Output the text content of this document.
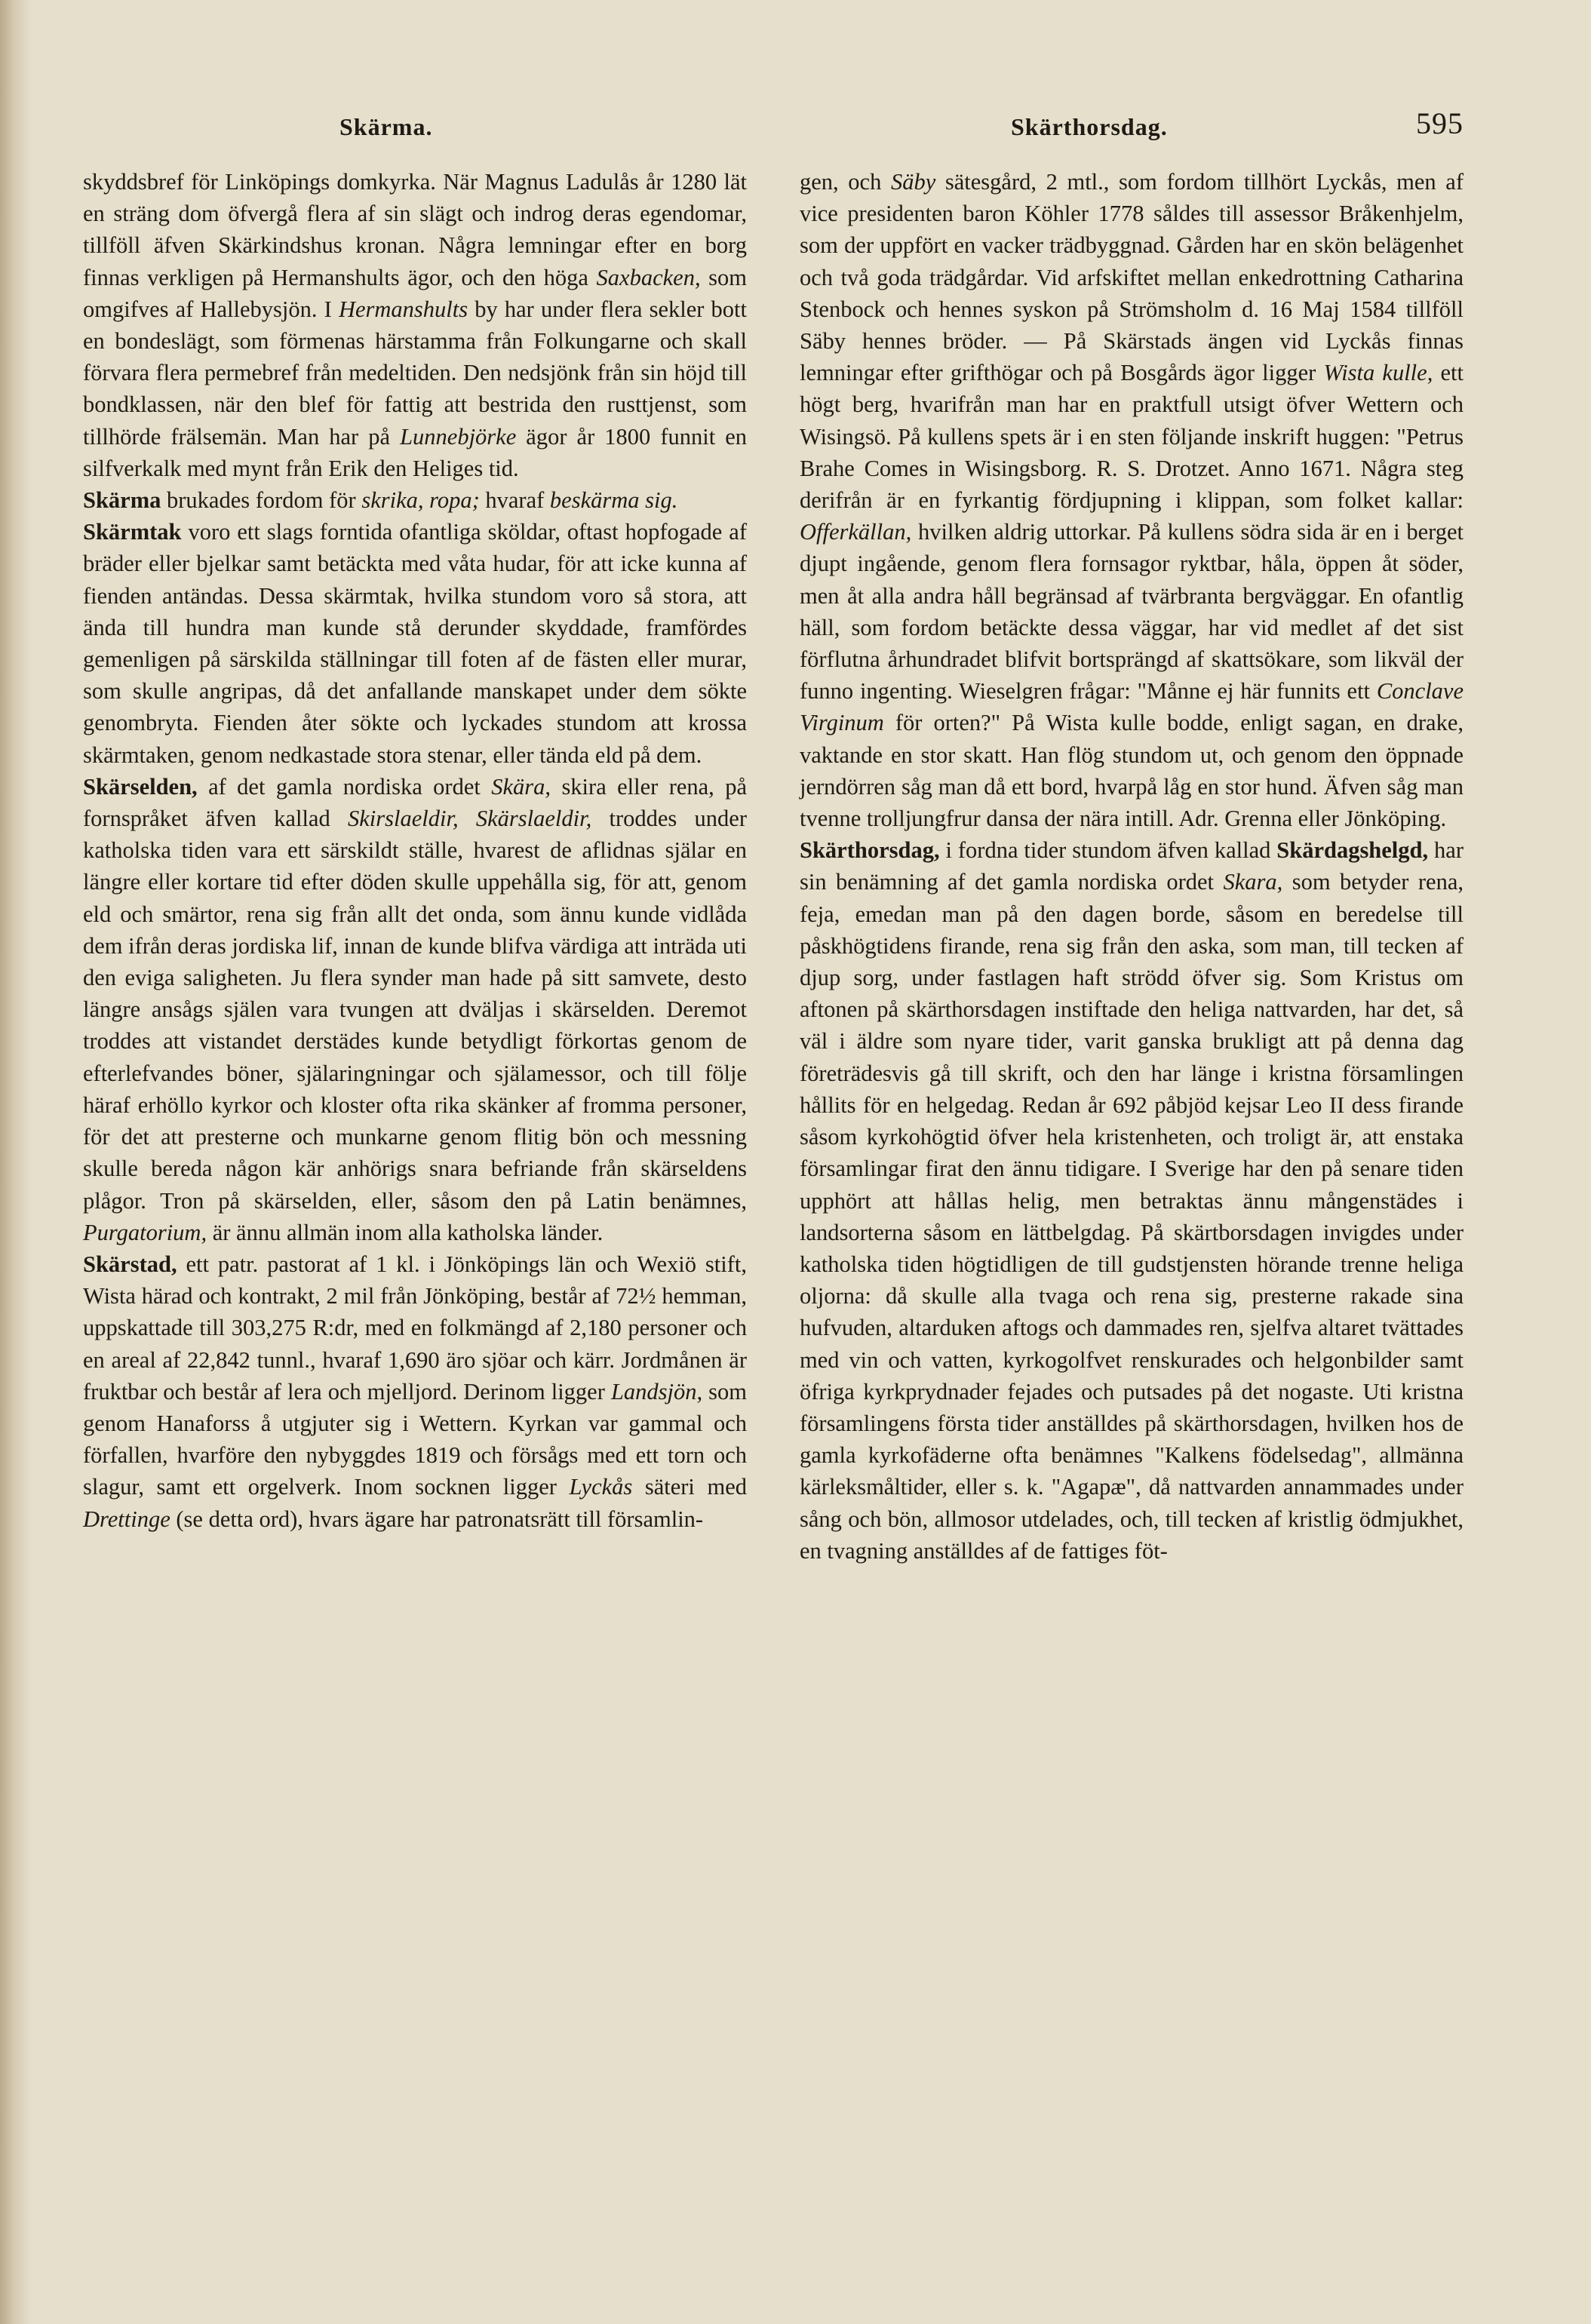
Skärma.	Skärthorsdag.	595

skyddsbref för Linköpings domkyrka. När Magnus Ladulås år 1280 lät en sträng dom öfvergå flera af sin slägt och indrog deras egendomar, tillföll äfven Skärkindshus kronan. Några lemningar efter en borg finnas verkligen på Hermanshults ägor, och den höga Saxbacken, som omgifves af Hallebysjön. I Hermanshults by har under flera sekler bott en bondeslägt, som förmenas härstamma från Folkungarne och skall förvara flera permebref från medeltiden. Den nedsjönk från sin höjd till bondklassen, när den blef för fattig att bestrida den rusttjenst, som tillhörde frälsemän. Man har på Lunnebjörke ägor år 1800 funnit en silfverkalk med mynt från Erik den Heliges tid.

Skärma brukades fordom för skrika, ropa; hvaraf beskärma sig.

Skärmtak voro ett slags forntida ofantliga sköldar, oftast hopfogade af bräder eller bjelkar samt betäckta med våta hudar, för att icke kunna af fienden antändas. Dessa skärmtak, hvilka stundom voro så stora, att ända till hundra man kunde stå derunder skyddade, framfördes gemenligen på särskilda ställningar till foten af de fästen eller murar, som skulle angripas, då det anfallande manskapet under dem sökte genombryta. Fienden åter sökte och lyckades stundom att krossa skärmtaken, genom nedkastade stora stenar, eller tända eld på dem.

Skärselden, af det gamla nordiska ordet Skära, skira eller rena, på fornspråket äfven kallad Skirslaeldir, Skärslaeldir, troddes under katholska tiden vara ett särskildt ställe, hvarest de aflidnas själar en längre eller kortare tid efter döden skulle uppehålla sig, för att, genom eld och smärtor, rena sig från allt det onda, som ännu kunde vidlåda dem ifrån deras jordiska lif, innan de kunde blifva värdiga att inträda uti den eviga saligheten. Ju flera synder man hade på sitt samvete, desto längre ansågs själen vara tvungen att dväljas i skärselden. Deremot troddes att vistandet derstädes kunde betydligt förkortas genom de efterlefvandes böner, själaringningar och själamessor, och till följe häraf erhöllo kyrkor och kloster ofta rika skänker af fromma personer, för det att presterne och munkarne genom flitig bön och messning skulle bereda någon kär anhörigs snara befriande från skärseldens plågor. Tron på skärselden, eller, såsom den på Latin benämnes, Purgatorium, är ännu allmän inom alla katholska länder.

Skärstad, ett patr. pastorat af 1 kl. i Jönköpings län och Wexiö stift, Wista härad och kontrakt, 2 mil från Jönköping, består af 72½ hemman, uppskattade till 303,275 R:dr, med en folkmängd af 2,180 personer och en areal af 22,842 tunnl., hvaraf 1,690 äro sjöar och kärr. Jordmånen är fruktbar och består af lera och mjelljord. Derinom ligger Landsjön, som genom Hanaforss å utgjuter sig i Wettern. Kyrkan var gammal och förfallen, hvarföre den nybyggdes 1819 och försågs med ett torn och slagur, samt ett orgelverk. Inom socknen ligger Lyckås säteri med Drettinge (se detta ord), hvars ägare har patronatsrätt till församlin-

gen, och Säby sätesgård, 2 mtl., som fordom tillhört Lyckås, men af vice presidenten baron Köhler 1778 såldes till assessor Bråkenhjelm, som der uppfört en vacker trädbyggnad. Gården har en skön belägenhet och två goda trädgårdar. Vid arfskiftet mellan enkedrottning Catharina Stenbock och hennes syskon på Strömsholm d. 16 Maj 1584 tillföll Säby hennes bröder. — På Skärstads ängen vid Lyckås finnas lemningar efter grifthögar och på Bosgårds ägor ligger Wista kulle, ett högt berg, hvarifrån man har en praktfull utsigt öfver Wettern och Wisingsö. På kullens spets är i en sten följande inskrift huggen: "Petrus Brahe Comes in Wisingsborg. R. S. Drotzet. Anno 1671. Några steg derifrån är en fyrkantig fördjupning i klippan, som folket kallar: Offerkällan, hvilken aldrig uttorkar. På kullens södra sida är en i berget djupt ingående, genom flera fornsagor ryktbar, håla, öppen åt söder, men åt alla andra håll begränsad af tvärbranta bergväggar. En ofantlig häll, som fordom betäckte dessa väggar, har vid medlet af det sist förflutna århundradet blifvit bortsprängd af skattsökare, som likväl der funno ingenting. Wieselgren frågar: "Månne ej här funnits ett Conclave Virginum för orten?" På Wista kulle bodde, enligt sagan, en drake, vaktande en stor skatt. Han flög stundom ut, och genom den öppnade jerndörren såg man då ett bord, hvarpå låg en stor hund. Äfven såg man tvenne trolljungfrur dansa der nära intill. Adr. Grenna eller Jönköping.

Skärthorsdag, i fordna tider stundom äfven kallad Skärdagshelgd, har sin benämning af det gamla nordiska ordet Skara, som betyder rena, feja, emedan man på den dagen borde, såsom en beredelse till påskhögtidens firande, rena sig från den aska, som man, till tecken af djup sorg, under fastlagen haft strödd öfver sig. Som Kristus om aftonen på skärthorsdagen instiftade den heliga nattvarden, har det, så väl i äldre som nyare tider, varit ganska brukligt att på denna dag företrädesvis gå till skrift, och den har länge i kristna församlingen hållits för en helgedag. Redan år 692 påbjöd kejsar Leo II dess firande såsom kyrkohögtid öfver hela kristenheten, och troligt är, att enstaka församlingar firat den ännu tidigare. I Sverige har den på senare tiden upphört att hållas helig, men betraktas ännu mångenstädes i landsorterna såsom en lättbelgdag. På skärtborsdagen invigdes under katholska tiden högtidligen de till gudstjensten hörande trenne heliga oljorna: då skulle alla tvaga och rena sig, presterne rakade sina hufvuden, altarduken aftogs och dammades ren, sjelfva altaret tvättades med vin och vatten, kyrkogolfvet renskurades och helgonbilder samt öfriga kyrkprydnader fejades och putsades på det nogaste. Uti kristna församlingens första tider anställdes på skärthorsdagen, hvilken hos de gamla kyrkofäderne ofta benämnes "Kalkens födelsedag", allmänna kärleksmåltider, eller s. k. "Agapæ", då nattvarden annammades under sång och bön, allmosor utdelades, och, till tecken af kristlig ödmjukhet, en tvagning anställdes af de fattiges föt-
